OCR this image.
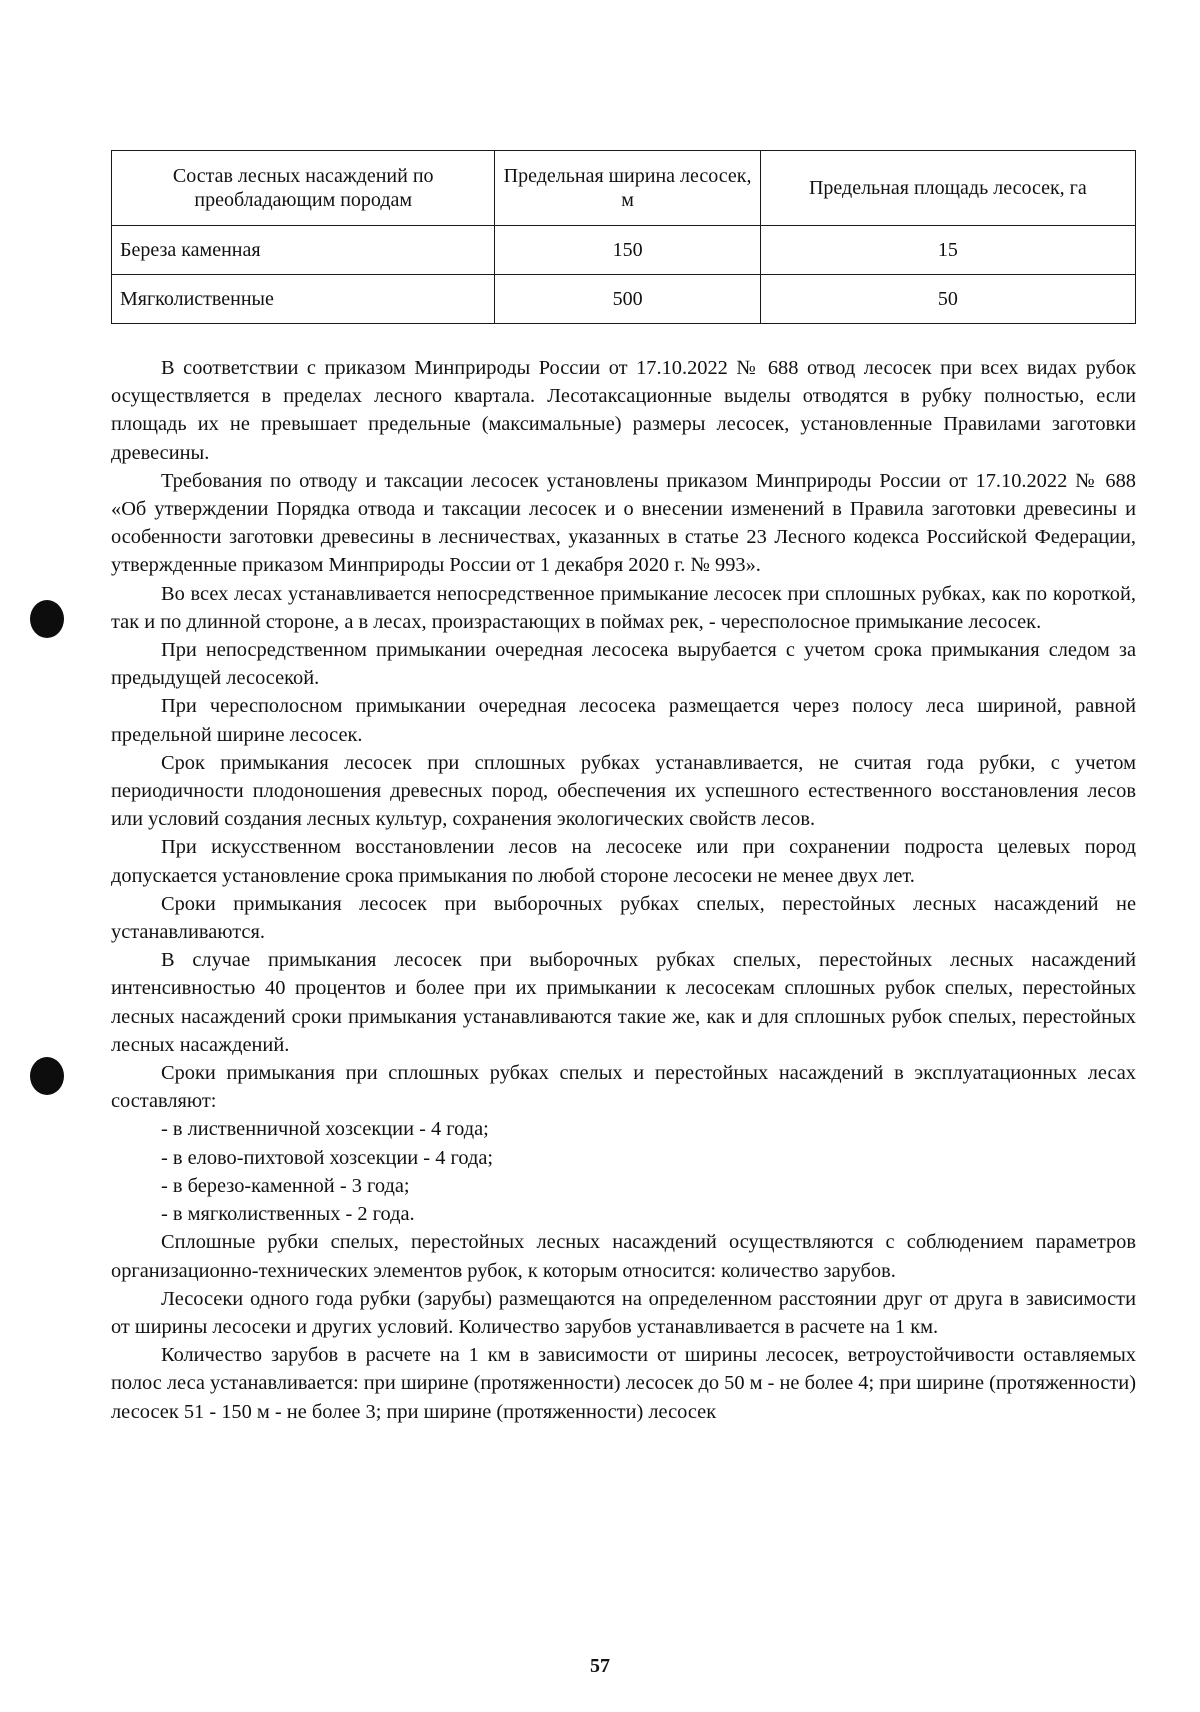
Состав лесных насаждений по преобладающим породам	Предельная ширина лесосек, м	Предельная площадь лесосек, га
Береза каменная	150	15
Мягколиственные	500	50

В соответствии с приказом Минприроды России от 17.10.2022 № 688 отвод лесосек при всех видах рубок осуществляется в пределах лесного квартала. Лесотаксационные выделы отводятся в рубку полностью, если площадь их не превышает предельные (максимальные) размеры лесосек, установленные Правилами заготовки древесины.

Требования по отводу и таксации лесосек установлены приказом Минприроды России от 17.10.2022 № 688 «Об утверждении Порядка отвода и таксации лесосек и о внесении изменений в Правила заготовки древесины и особенности заготовки древесины в лесничествах, указанных в статье 23 Лесного кодекса Российской Федерации, утвержденные приказом Минприроды России от 1 декабря 2020 г. № 993».

Во всех лесах устанавливается непосредственное примыкание лесосек при сплошных рубках, как по короткой, так и по длинной стороне, а в лесах, произрастающих в поймах рек, - чересполосное примыкание лесосек.

При непосредственном примыкании очередная лесосека вырубается с учетом срока примыкания следом за предыдущей лесосекой.

При чересполосном примыкании очередная лесосека размещается через полосу леса шириной, равной предельной ширине лесосек.

Срок примыкания лесосек при сплошных рубках устанавливается, не считая года рубки, с учетом периодичности плодоношения древесных пород, обеспечения их успешного естественного восстановления лесов или условий создания лесных культур, сохранения экологических свойств лесов.

При искусственном восстановлении лесов на лесосеке или при сохранении подроста целевых пород допускается установление срока примыкания по любой стороне лесосеки не менее двух лет.

Сроки примыкания лесосек при выборочных рубках спелых, перестойных лесных насаждений не устанавливаются.

В случае примыкания лесосек при выборочных рубках спелых, перестойных лесных насаждений интенсивностью 40 процентов и более при их примыкании к лесосекам сплошных рубок спелых, перестойных лесных насаждений сроки примыкания устанавливаются такие же, как и для сплошных рубок спелых, перестойных лесных насаждений.

Сроки примыкания при сплошных рубках спелых и перестойных насаждений в эксплуатационных лесах составляют:

- в лиственничной хозсекции - 4 года;

- в елово-пихтовой хозсекции - 4 года;

- в березо-каменной - 3 года;

- в мягколиственных - 2 года.

Сплошные рубки спелых, перестойных лесных насаждений осуществляются с соблюдением параметров организационно-технических элементов рубок, к которым относится: количество зарубов.

Лесосеки одного года рубки (зарубы) размещаются на определенном расстоянии друг от друга в зависимости от ширины лесосеки и других условий. Количество зарубов устанавливается в расчете на 1 км.

Количество зарубов в расчете на 1 км в зависимости от ширины лесосек, ветроустойчивости оставляемых полос леса устанавливается: при ширине (протяженности) лесосек до 50 м - не более 4; при ширине (протяженности) лесосек 51 - 150 м - не более 3; при ширине (протяженности) лесосек

57
